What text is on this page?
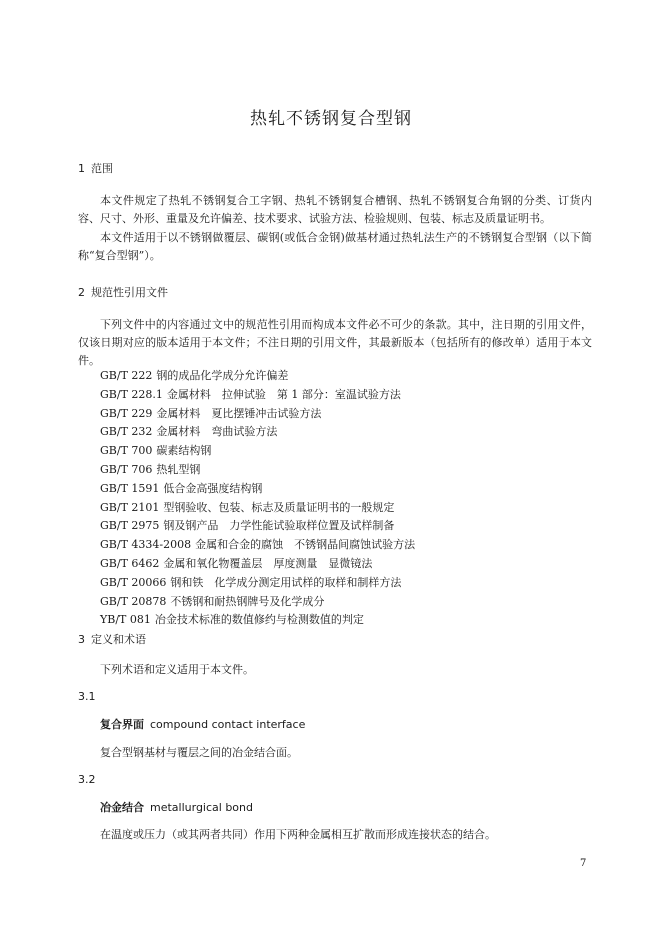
热轧不锈钢复合型钢
1 范围

本文件规定了热轧不锈钢复合工字钢、热轧不锈钢复合槽钢、热轧不锈钢复合角钢的分类、订货内容、尺寸、外形、重量及允许偏差、技术要求、试验方法、检验规则、包装、标志及质量证明书。

本文件适用于以不锈钢做覆层、碳钢(或低合金钢)做基材通过热轧法生产的不锈钢复合型钢（以下简称“复合型钢”）。

2 规范性引用文件

下列文件中的内容通过文中的规范性引用而构成本文件必不可少的条款。其中，注日期的引用文件，仅该日期对应的版本适用于本文件；不注日期的引用文件，其最新版本（包括所有的修改单）适用于本文件。

GB/T 222 钢的成品化学成分允许偏差
GB/T 228.1 金属材料　拉伸试验　第 1 部分：室温试验方法
GB/T 229 金属材料　夏比摆锤冲击试验方法
GB/T 232 金属材料　弯曲试验方法
GB/T 700 碳素结构钢
GB/T 706 热轧型钢
GB/T 1591 低合金高强度结构钢
GB/T 2101 型钢验收、包装、标志及质量证明书的一般规定
GB/T 2975 钢及钢产品　力学性能试验取样位置及试样制备
GB/T 4334-2008 金属和合金的腐蚀　不锈钢晶间腐蚀试验方法
GB/T 6462 金属和氧化物覆盖层　厚度测量　显微镜法
GB/T 20066 钢和铁　化学成分测定用试样的取样和制样方法
GB/T 20878 不锈钢和耐热钢牌号及化学成分
YB/T 081 冶金技术标准的数值修约与检测数值的判定
3 定义和术语

下列术语和定义适用于本文件。

3.1
复合界面 compound contact interface
复合型钢基材与覆层之间的冶金结合面。
3.2
冶金结合 metallurgical bond
在温度或压力（或其两者共同）作用下两种金属相互扩散而形成连接状态的结合。
7
